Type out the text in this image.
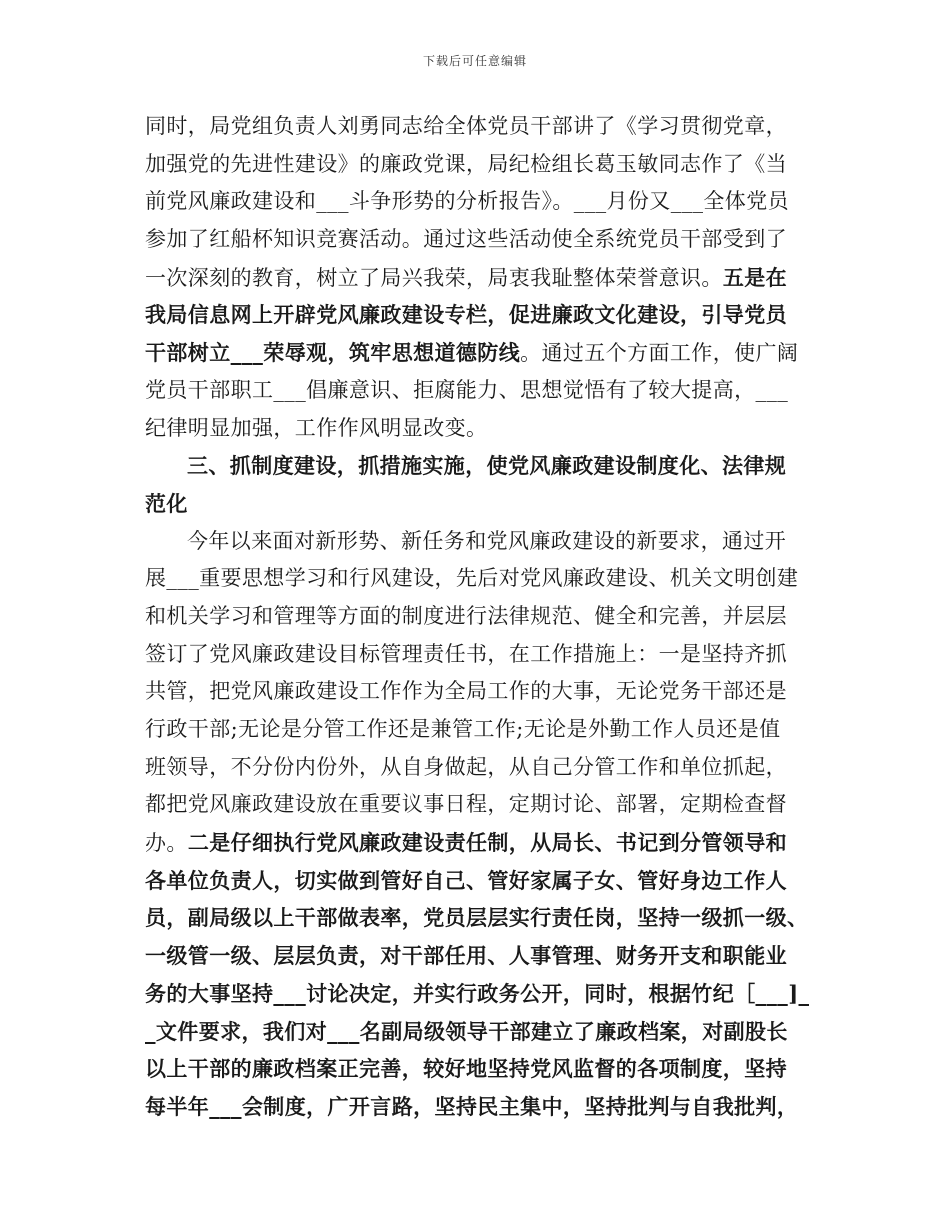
下载后可任意编辑
同时，局党组负责人刘勇同志给全体党员干部讲了《学习贯彻党章，
加强党的先进性建设》的廉政党课，局纪检组长葛玉敏同志作了《当
前党风廉政建设和___斗争形势的分析报告》。___月份又___全体党员
参加了红船杯知识竞赛活动。通过这些活动使全系统党员干部受到了
一次深刻的教育，树立了局兴我荣，局衷我耻整体荣誉意识。五是在
我局信息网上开辟党风廉政建设专栏，促进廉政文化建设，引导党员
干部树立___荣辱观，筑牢思想道德防线。通过五个方面工作，使广阔
党员干部职工___倡廉意识、拒腐能力、思想觉悟有了较大提高，___
纪律明显加强，工作作风明显改变。
三、抓制度建设，抓措施实施，使党风廉政建设制度化、法律规
范化
今年以来面对新形势、新任务和党风廉政建设的新要求，通过开
展___重要思想学习和行风建设，先后对党风廉政建设、机关文明创建
和机关学习和管理等方面的制度进行法律规范、健全和完善，并层层
签订了党风廉政建设目标管理责任书，在工作措施上：一是坚持齐抓
共管，把党风廉政建设工作作为全局工作的大事，无论党务干部还是
行政干部;无论是分管工作还是兼管工作;无论是外勤工作人员还是值
班领导，不分份内份外，从自身做起，从自己分管工作和单位抓起，
都把党风廉政建设放在重要议事日程，定期讨论、部署，定期检查督
办。二是仔细执行党风廉政建设责任制，从局长、书记到分管领导和
各单位负责人，切实做到管好自己、管好家属子女、管好身边工作人
员，副局级以上干部做表率，党员层层实行责任岗，坚持一级抓一级、
一级管一级、层层负责，对干部任用、人事管理、财务开支和职能业
务的大事坚持___讨论决定，并实行政务公开，同时，根据竹纪［___]_
_文件要求，我们对___名副局级领导干部建立了廉政档案，对副股长
以上干部的廉政档案正完善，较好地坚持党风监督的各项制度，坚持
每半年___会制度，广开言路，坚持民主集中，坚持批判与自我批判，
